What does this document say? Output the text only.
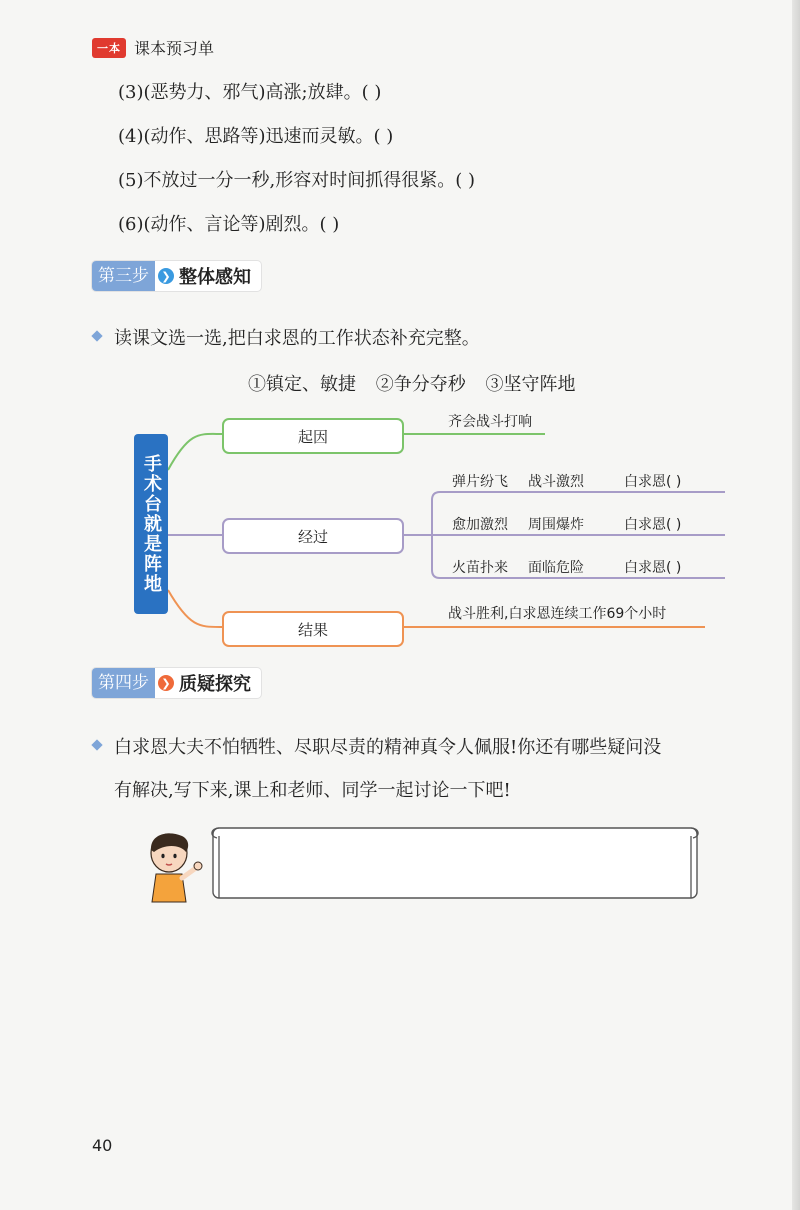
一本 课本预习单
(3)(恶势力、邪气)高涨;放肆。( )
(4)(动作、思路等)迅速而灵敏。( )
(5)不放过一分一秒,形容对时间抓得很紧。( )
(6)(动作、言论等)剧烈。( )
第三步	❯ 整体感知
读课文选一选,把白求恩的工作状态补充完整。
①镇定、敏捷 ②争分夺秒 ③坚守阵地
手术台就是阵地
起因
经过
结果
齐会战斗打响
弹片纷飞 战斗激烈	白求恩( )
愈加激烈 周围爆炸	白求恩( )
火苗扑来 面临危险	白求恩( )
战斗胜利,白求恩连续工作69个小时
第四步	❯ 质疑探究
白求恩大夫不怕牺牲、尽职尽责的精神真令人佩服!你还有哪些疑问没
有解决,写下来,课上和老师、同学一起讨论一下吧!
40
